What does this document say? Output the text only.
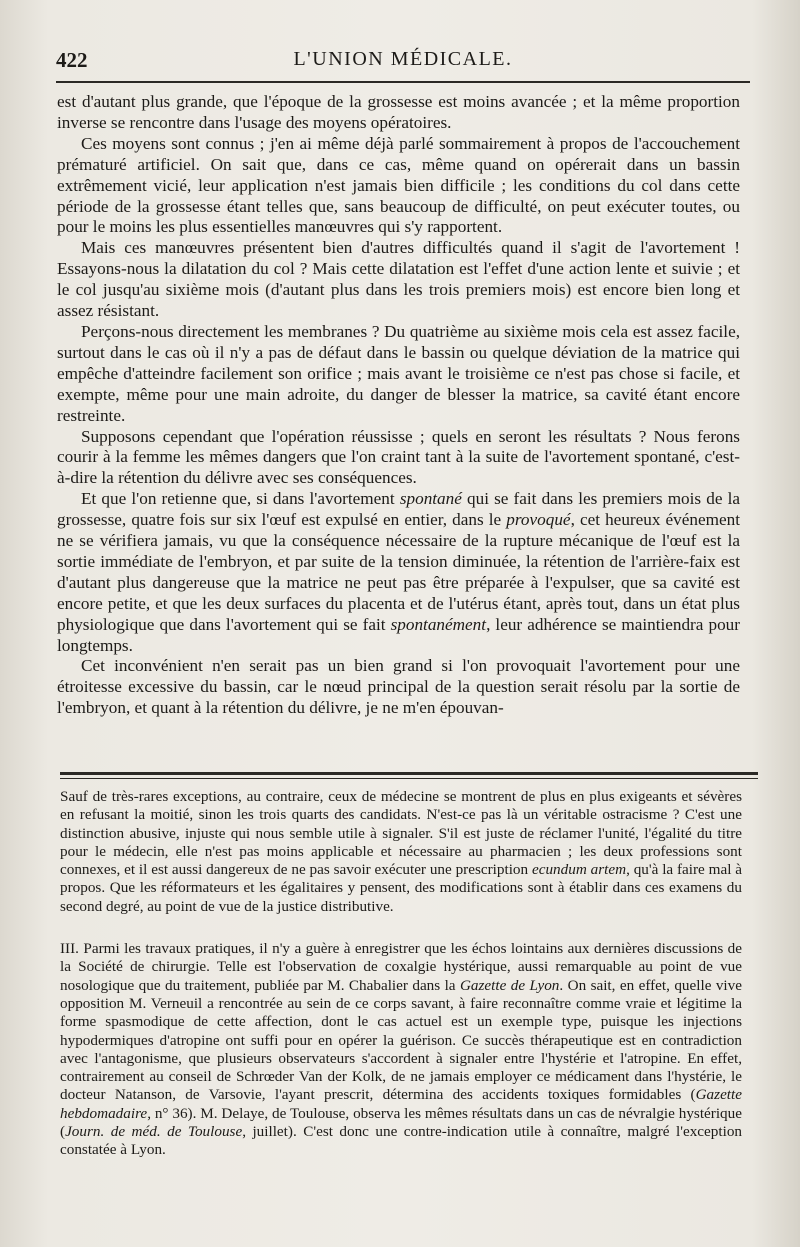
422	L'UNION MÉDICALE.

est d'autant plus grande, que l'époque de la grossesse est moins avancée ; et la même proportion inverse se rencontre dans l'usage des moyens opératoires.

Ces moyens sont connus ; j'en ai même déjà parlé sommairement à propos de l'accouchement prématuré artificiel. On sait que, dans ce cas, même quand on opérerait dans un bassin extrêmement vicié, leur application n'est jamais bien difficile ; les conditions du col dans cette période de la grossesse étant telles que, sans beaucoup de difficulté, on peut exécuter toutes, ou pour le moins les plus essentielles manœuvres qui s'y rapportent.

Mais ces manœuvres présentent bien d'autres difficultés quand il s'agit de l'avortement ! Essayons-nous la dilatation du col ? Mais cette dilatation est l'effet d'une action lente et suivie ; et le col jusqu'au sixième mois (d'autant plus dans les trois premiers mois) est encore bien long et assez résistant.

Perçons-nous directement les membranes ? Du quatrième au sixième mois cela est assez facile, surtout dans le cas où il n'y a pas de défaut dans le bassin ou quelque déviation de la matrice qui empêche d'atteindre facilement son orifice ; mais avant le troisième ce n'est pas chose si facile, et exempte, même pour une main adroite, du danger de blesser la matrice, sa cavité étant encore restreinte.

Supposons cependant que l'opération réussisse ; quels en seront les résultats ? Nous ferons courir à la femme les mêmes dangers que l'on craint tant à la suite de l'avortement spontané, c'est-à-dire la rétention du délivre avec ses conséquences.

Et que l'on retienne que, si dans l'avortement spontané qui se fait dans les premiers mois de la grossesse, quatre fois sur six l'œuf est expulsé en entier, dans le provoqué, cet heureux événement ne se vérifiera jamais, vu que la conséquence nécessaire de la rupture mécanique de l'œuf est la sortie immédiate de l'embryon, et par suite de la tension diminuée, la rétention de l'arrière-faix est d'autant plus dangereuse que la matrice ne peut pas être préparée à l'expulser, que sa cavité est encore petite, et que les deux surfaces du placenta et de l'utérus étant, après tout, dans un état plus physiologique que dans l'avortement qui se fait spontanément, leur adhérence se maintiendra pour longtemps.

Cet inconvénient n'en serait pas un bien grand si l'on provoquait l'avortement pour une étroitesse excessive du bassin, car le nœud principal de la question serait résolu par la sortie de l'embryon, et quant à la rétention du délivre, je ne m'en épouvan-

Sauf de très-rares exceptions, au contraire, ceux de médecine se montrent de plus en plus exigeants et sévères en refusant la moitié, sinon les trois quarts des candidats. N'est-ce pas là un véritable ostracisme ? C'est une distinction abusive, injuste qui nous semble utile à signaler. S'il est juste de réclamer l'unité, l'égalité du titre pour le médecin, elle n'est pas moins applicable et nécessaire au pharmacien ; les deux professions sont connexes, et il est aussi dangereux de ne pas savoir exécuter une prescription ecundum artem, qu'à la faire mal à propos. Que les réformateurs et les égalitaires y pensent, des modifications sont à établir dans ces examens du second degré, au point de vue de la justice distributive.

III. Parmi les travaux pratiques, il n'y a guère à enregistrer que les échos lointains aux dernières discussions de la Société de chirurgie. Telle est l'observation de coxalgie hystérique, aussi remarquable au point de vue nosologique que du traitement, publiée par M. Chabalier dans la Gazette de Lyon. On sait, en effet, quelle vive opposition M. Verneuil a rencontrée au sein de ce corps savant, à faire reconnaître comme vraie et légitime la forme spasmodique de cette affection, dont le cas actuel est un exemple type, puisque les injections hypodermiques d'atropine ont suffi pour en opérer la guérison. Ce succès thérapeutique est en contradiction avec l'antagonisme, que plusieurs observateurs s'accordent à signaler entre l'hystérie et l'atropine. En effet, contrairement au conseil de Schrœder Van der Kolk, de ne jamais employer ce médicament dans l'hystérie, le docteur Natanson, de Varsovie, l'ayant prescrit, détermina des accidents toxiques formidables (Gazette hebdomadaire, n° 36). M. Delaye, de Toulouse, observa les mêmes résultats dans un cas de névralgie hystérique (Journ. de méd. de Toulouse, juillet). C'est donc une contre-indication utile à connaître, malgré l'exception constatée à Lyon.
